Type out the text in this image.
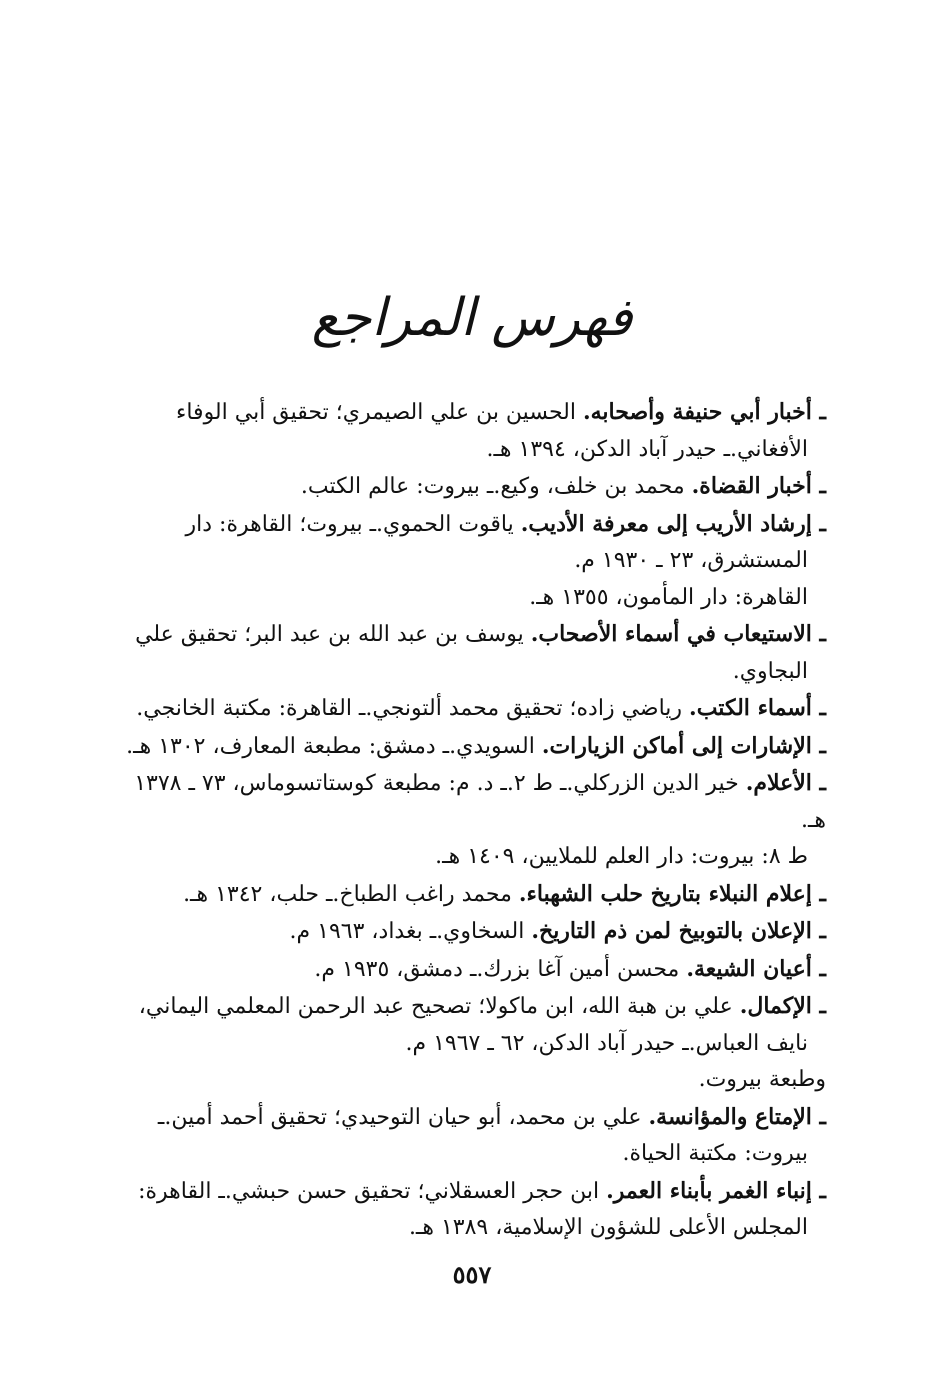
فهرس المراجع
ـ أخبار أبي حنيفة وأصحابه. الحسين بن علي الصيمري؛ تحقيق أبي الوفاء
الأفغاني.ـ حيدر آباد الدكن، ١٣٩٤ هـ.
ـ أخبار القضاة. محمد بن خلف، وكيع.ـ بيروت: عالم الكتب.
ـ إرشاد الأريب إلى معرفة الأديب. ياقوت الحموي.ـ بيروت؛ القاهرة: دار
المستشرق، ٢٣ ـ ١٩٣٠ م.
القاهرة: دار المأمون، ١٣٥٥ هـ.
ـ الاستيعاب في أسماء الأصحاب. يوسف بن عبد الله بن عبد البر؛ تحقيق علي
البجاوي.
ـ أسماء الكتب. رياضي زاده؛ تحقيق محمد ألتونجي.ـ القاهرة: مكتبة الخانجي.
ـ الإشارات إلى أماكن الزيارات. السويدي.ـ دمشق: مطبعة المعارف، ١٣٠٢ هـ.
ـ الأعلام. خير الدين الزركلي.ـ ط ٢.ـ د. م: مطبعة كوستاتسوماس، ٧٣ ـ ١٣٧٨ هـ.
ط ٨: بيروت: دار العلم للملايين، ١٤٠٩ هـ.
ـ إعلام النبلاء بتاريخ حلب الشهباء. محمد راغب الطباخ.ـ حلب، ١٣٤٢ هـ.
ـ الإعلان بالتوبيخ لمن ذم التاريخ. السخاوي.ـ بغداد، ١٩٦٣ م.
ـ أعيان الشيعة. محسن أمين آغا بزرك.ـ دمشق، ١٩٣٥ م.
ـ الإكمال. علي بن هبة الله، ابن ماكولا؛ تصحيح عبد الرحمن المعلمي اليماني،
نايف العباس.ـ حيدر آباد الدكن، ٦٢ ـ ١٩٦٧ م.
وطبعة بيروت.
ـ الإمتاع والمؤانسة. علي بن محمد، أبو حيان التوحيدي؛ تحقيق أحمد أمين.ـ
بيروت: مكتبة الحياة.
ـ إنباء الغمر بأبناء العمر. ابن حجر العسقلاني؛ تحقيق حسن حبشي.ـ القاهرة:
المجلس الأعلى للشؤون الإسلامية، ١٣٨٩ هـ.
٥٥٧
